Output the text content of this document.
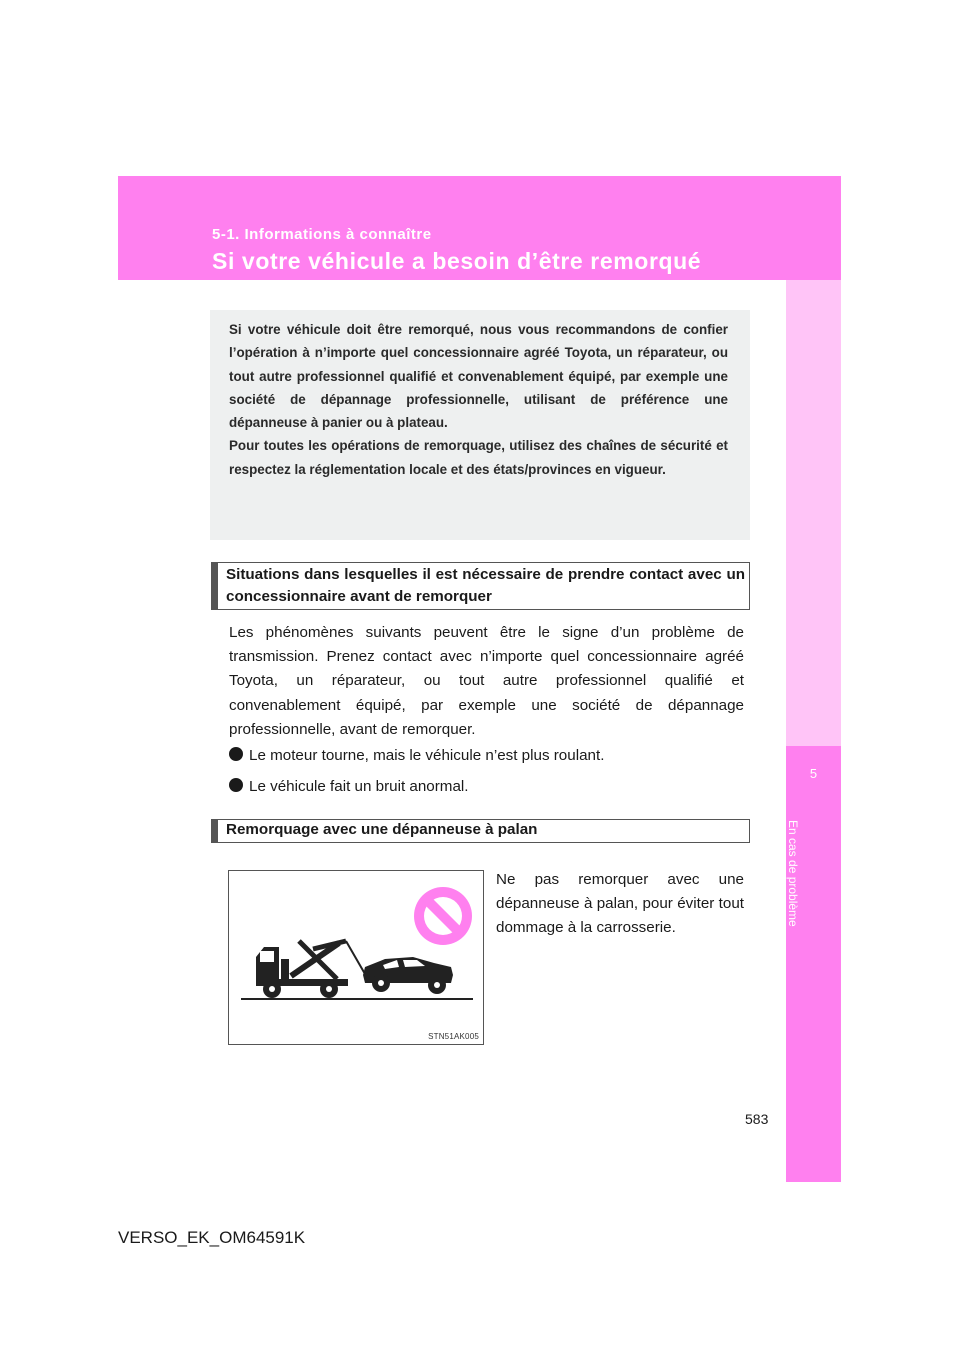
5-1. Informations à connaître
Si votre véhicule a besoin d’être remorqué
5
En cas de problème

Si votre véhicule doit être remorqué, nous vous recommandons de confier l’opération à n’importe quel concessionnaire agréé Toyota, un réparateur, ou tout autre professionnel qualifié et convenablement équipé, par exemple une société de dépannage professionnelle, utilisant de préférence une dépanneuse à panier ou à plateau.

Pour toutes les opérations de remorquage, utilisez des chaînes de sécurité et respectez la réglementation locale et des états/provinces en vigueur.

Situations dans lesquelles il est nécessaire de prendre contact avec un concessionnaire avant de remorquer

Les phénomènes suivants peuvent être le signe d’un problème de transmission. Prenez contact avec n’importe quel concessionnaire agréé Toyota, un réparateur, ou tout autre professionnel qualifié et convenablement équipé, par exemple une société de dépannage professionnelle, avant de remorquer.

Le moteur tourne, mais le véhicule n’est plus roulant.
Le véhicule fait un bruit anormal.
Remorquage avec une dépanneuse à palan
STN51AK005

Ne pas remorquer avec une dépanneuse à palan, pour éviter tout dommage à la carrosserie.

583
VERSO_EK_OM64591K
